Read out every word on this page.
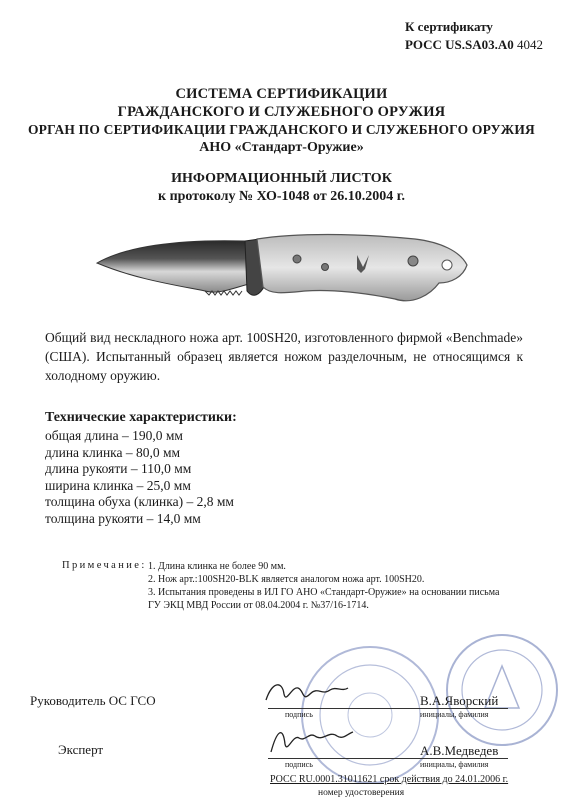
К сертификату
РОСС US.SA03.A0 4042
СИСТЕМА СЕРТИФИКАЦИИ
ГРАЖДАНСКОГО И СЛУЖЕБНОГО ОРУЖИЯ
ОРГАН ПО СЕРТИФИКАЦИИ ГРАЖДАНСКОГО И СЛУЖЕБНОГО ОРУЖИЯ
АНО «Стандарт-Оружие»
ИНФОРМАЦИОННЫЙ ЛИСТОК
к протоколу № ХО-1048 от 26.10.2004 г.
Общий вид нескладного ножа арт. 100SH20, изготовленного фирмой «Benchmade» (США). Испытанный образец является ножом разделочным, не относящимся к холодному оружию.
Технические характеристики:
общая длина – 190,0 мм
длина клинка – 80,0 мм
длина рукояти – 110,0 мм
ширина клинка – 25,0 мм
толщина обуха (клинка) – 2,8 мм
толщина рукояти – 14,0 мм
Примечание: 1. Длина клинка не более 90 мм.
2. Нож арт.:100SH20-BLK является аналогом ножа арт. 100SH20.
3. Испытания проведены в ИЛ ГО АНО «Стандарт-Оружие» на основании письма
ГУ ЭКЦ МВД России от 08.04.2004 г. №37/16-1714.
Руководитель ОС ГСО	В.А.Яворский
подпись	инициалы, фамилия
Эксперт	А.В.Медведев
подпись	инициалы, фамилия
РОСС RU.0001.31011621 срок действия до 24.01.2006 г.
номер удостоверения
